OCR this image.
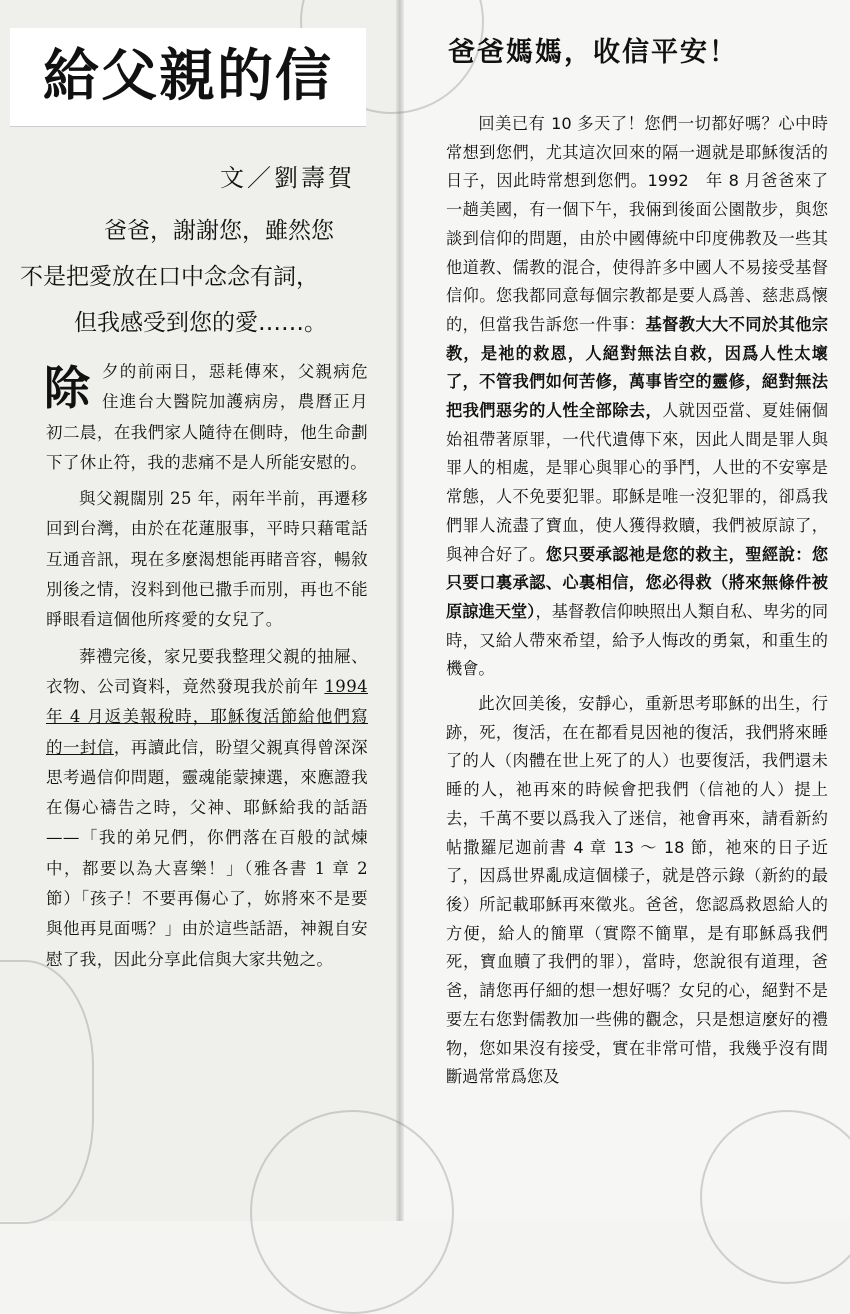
給父親的信
文／劉壽賀
爸爸，謝謝您，雖然您
不是把愛放在口中念念有詞，
但我感受到您的愛……。

除夕的前兩日，惡耗傳來，父親病危住進台大醫院加護病房，農曆正月初二晨，在我們家人隨待在側時，他生命劃下了休止符，我的悲痛不是人所能安慰的。

與父親闊別 25 年，兩年半前，再遷移回到台灣，由於在花蓮服事，平時只藉電話互通音訊，現在多麼渴想能再睹音容，暢敘別後之情，沒料到他已撒手而別，再也不能睜眼看這個他所疼愛的女兒了。

葬禮完後，家兄要我整理父親的抽屜、衣物、公司資料，竟然發現我於前年 1994 年 4 月返美報稅時，耶穌復活節給他們寫的一封信，再讀此信，盼望父親真得曾深深思考過信仰問題，靈魂能蒙揀選，來應證我在傷心禱告之時，父神、耶穌給我的話語——「我的弟兄們，你們落在百般的試煉中，都要以為大喜樂！」（雅各書 1 章 2 節）「孩子！不要再傷心了，妳將來不是要與他再見面嗎？」由於這些話語，神親自安慰了我，因此分享此信與大家共勉之。

爸爸媽媽，收信平安！

回美已有 10 多天了！您們一切都好嗎？心中時常想到您們，尤其這次回來的隔一週就是耶穌復活的日子，因此時常想到您們。1992　年 8 月爸爸來了一趟美國，有一個下午，我倆到後面公園散步，與您談到信仰的問題，由於中國傳統中印度佛教及一些其他道教、儒教的混合，使得許多中國人不易接受基督信仰。您我都同意每個宗教都是要人爲善、慈悲爲懷的，但當我告訴您一件事：基督教大大不同於其他宗教，是祂的救恩，人絕對無法自救，因爲人性太壞了，不管我們如何苦修，萬事皆空的靈修，絕對無法把我們惡劣的人性全部除去，人就因亞當、夏娃倆個始祖帶著原罪，一代代遺傳下來，因此人間是罪人與罪人的相處，是罪心與罪心的爭鬥，人世的不安寧是常態，人不免要犯罪。耶穌是唯一沒犯罪的，卻爲我們罪人流盡了寶血，使人獲得救贖，我們被原諒了，與神合好了。您只要承認祂是您的救主，聖經說：您只要口裏承認、心裏相信，您必得救（將來無條件被原諒進天堂），基督教信仰映照出人類自私、卑劣的同時，又給人帶來希望，給予人悔改的勇氣，和重生的機會。

此次回美後，安靜心，重新思考耶穌的出生，行跡，死，復活，在在都看見因祂的復活，我們將來睡了的人（肉體在世上死了的人）也要復活，我們還未睡的人，祂再來的時候會把我們（信祂的人）提上去，千萬不要以爲我入了迷信，祂會再來，請看新約帖撒羅尼迦前書 4 章 13 ～ 18 節，祂來的日子近了，因爲世界亂成這個樣子，就是啓示錄（新約的最後）所記載耶穌再來徵兆。爸爸，您認爲救恩給人的方便，給人的簡單（實際不簡單，是有耶穌爲我們死，寶血贖了我們的罪），當時，您說很有道理，爸爸，請您再仔細的想一想好嗎？女兒的心，絕對不是要左右您對儒教加一些佛的觀念，只是想這麼好的禮物，您如果沒有接受，實在非常可惜，我幾乎沒有間斷過常常爲您及
